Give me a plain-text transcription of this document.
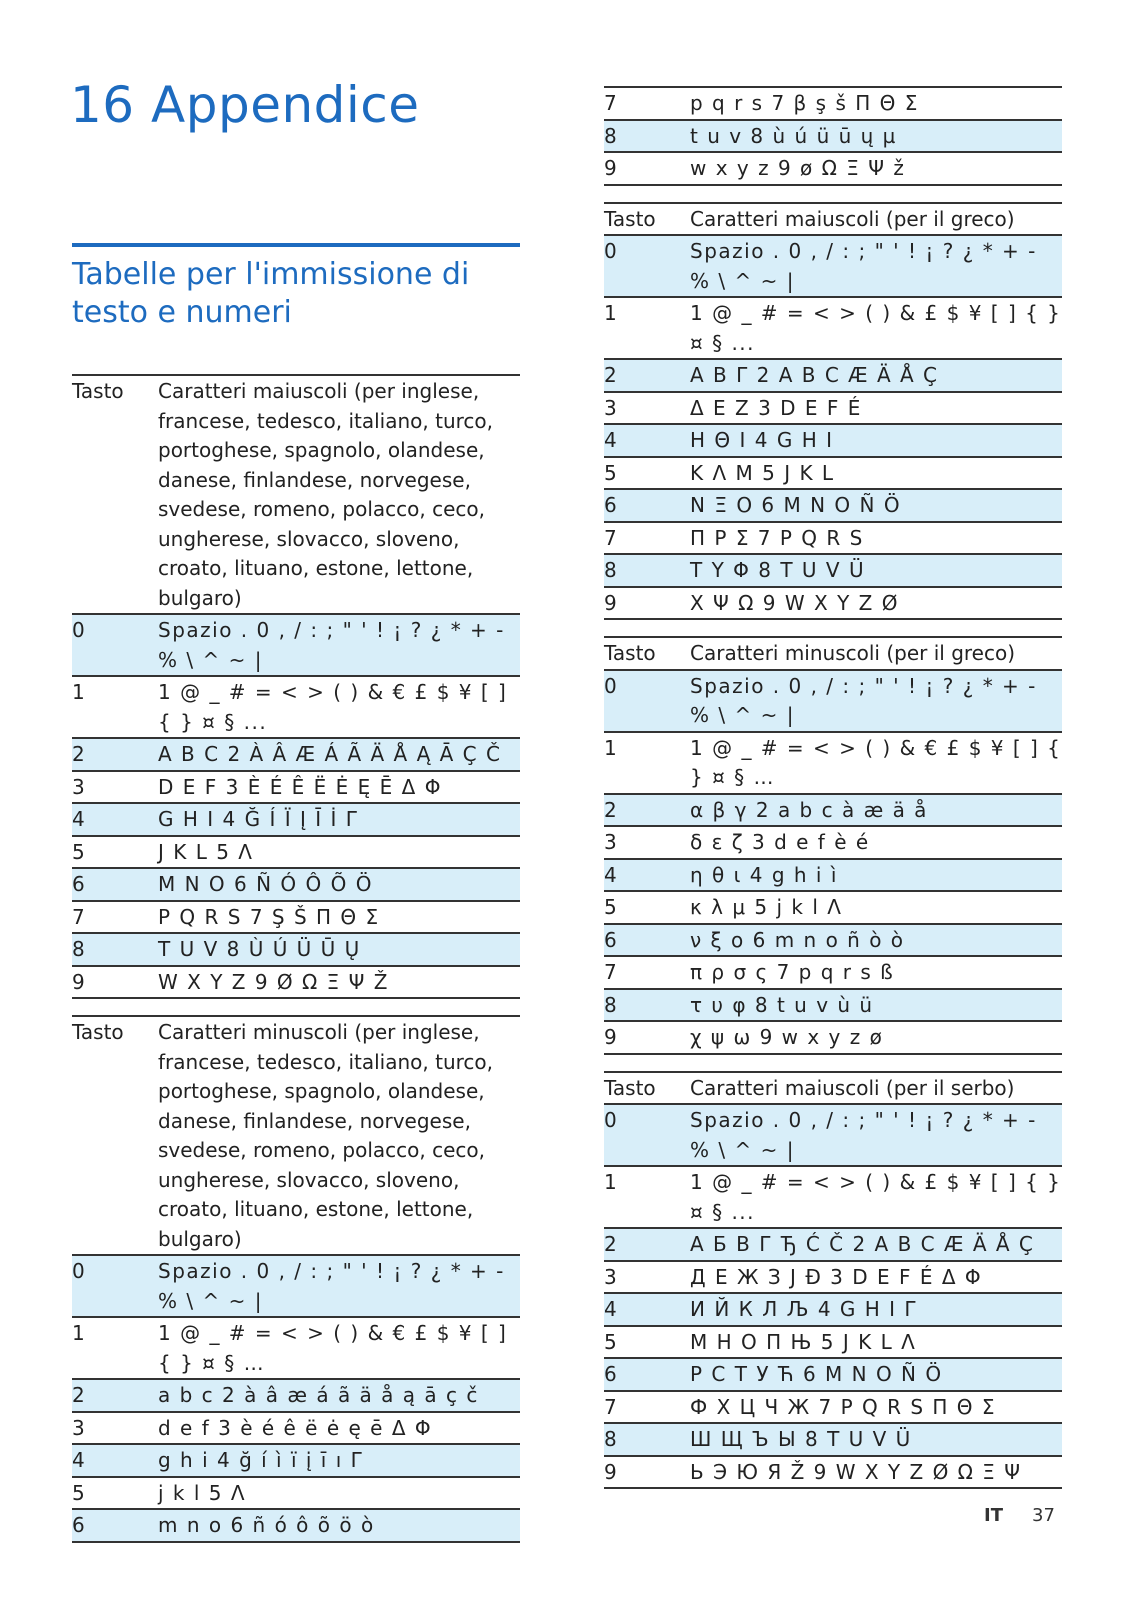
16 Appendice
Tabelle per l'immissione di testo e numeri
Tasto	Caratteri maiuscoli (per inglese, francese, tedesco, italiano, turco, portoghese, spagnolo, olandese, danese, finlandese, norvegese, svedese, romeno, polacco, ceco, ungherese, slovacco, sloveno, croato, lituano, estone, lettone, bulgaro)
0	Spazio . 0 , / : ; " ' ! ¡ ? ¿ * + - % \ ^ ~ |
1	1 @ _ # = < > ( ) & € £ $ ¥ [ ] { } ¤ § ...
2	A B C 2 À Â Æ Á Ã Ä Å Ą Ā Ç Č
3	D E F 3 È É Ê Ë Ė Ę Ē Δ Φ
4	G H I 4 Ğ Í Ï Į Ī İ Γ
5	J K L 5 Λ
6	M N O 6 Ñ Ó Ô Õ Ö
7	P Q R S 7 Ş Š Π Θ Σ
8	T U V 8 Ù Ú Ü Ū Ų
9	W X Y Z 9 Ø Ω Ξ Ψ Ž

Tasto	Caratteri minuscoli (per inglese, francese, tedesco, italiano, turco, portoghese, spagnolo, olandese, danese, finlandese, norvegese, svedese, romeno, polacco, ceco, ungherese, slovacco, sloveno, croato, lituano, estone, lettone, bulgaro)
0	Spazio . 0 , / : ; " ' ! ¡ ? ¿ * + - % \ ^ ~ |
1	1 @ _ # = < > ( ) & € £ $ ¥ [ ] { } ¤ § …
2	a b c 2 à â æ á ã ä å ą ā ç č
3	d e f 3 è é ê ë ė ę ē Δ Φ
4	g h i 4 ğ í ì ï į ī ı Γ
5	j k l 5 Λ
6	m n o 6 ñ ó ô õ ö ò
7	p q r s 7 β ş š Π Θ Σ
8	t u v 8 ù ú ü ū ų µ
9	w x y z 9 ø Ω Ξ Ψ ž

Tasto	Caratteri maiuscoli (per il greco)
0	Spazio . 0 , / : ; " ' ! ¡ ? ¿ * + - % \ ^ ~ |
1	1 @ _ # = < > ( ) & £ $ ¥ [ ] { } ¤ § ...
2	Α Β Γ 2 A B C Æ Ä Å Ç
3	Δ Ε Ζ 3 D E F É
4	Η Θ Ι 4 G H I
5	Κ Λ Μ 5 J K L
6	Ν Ξ Ο 6 M N O Ñ Ö
7	Π Ρ Σ 7 P Q R S
8	Τ Υ Φ 8 T U V Ü
9	Χ Ψ Ω 9 W X Y Z Ø

Tasto	Caratteri minuscoli (per il greco)
0	Spazio . 0 , / : ; " ' ! ¡ ? ¿ * + - % \ ^ ~ |
1	1 @ _ # = < > ( ) & € £ $ ¥ [ ] { } ¤ § …
2	α β γ 2 a b c à æ ä å
3	δ ε ζ 3 d e f è é
4	η θ ι 4 g h i ì
5	κ λ μ 5 j k l Λ
6	ν ξ ο 6 m n o ñ ò ò
7	π ρ σ ς 7 p q r s ß
8	τ υ φ 8 t u v ù ü
9	χ ψ ω 9 w x y z ø

Tasto	Caratteri maiuscoli (per il serbo)
0	Spazio . 0 , / : ; " ' ! ¡ ? ¿ * + - % \ ^ ~ |
1	1 @ _ # = < > ( ) & £ $ ¥ [ ] { } ¤ § ...
2	А Б В Г Ђ Ć Č 2 A B C Æ Ä Å Ç
3	Д Е Ж З Ј Đ 3 D E F É Δ Φ
4	И Й К Л Љ 4 G H I Γ
5	М Н О П Њ 5 J K L Λ
6	Р С Т У Ћ 6 M N O Ñ Ö
7	Ф Х Ц Ч Ж 7 P Q R S Π Θ Σ
8	Ш Щ Ъ Ы 8 T U V Ü
9	Ь Э Ю Я Ž 9 W X Y Z Ø Ω Ξ Ψ
IT 37
